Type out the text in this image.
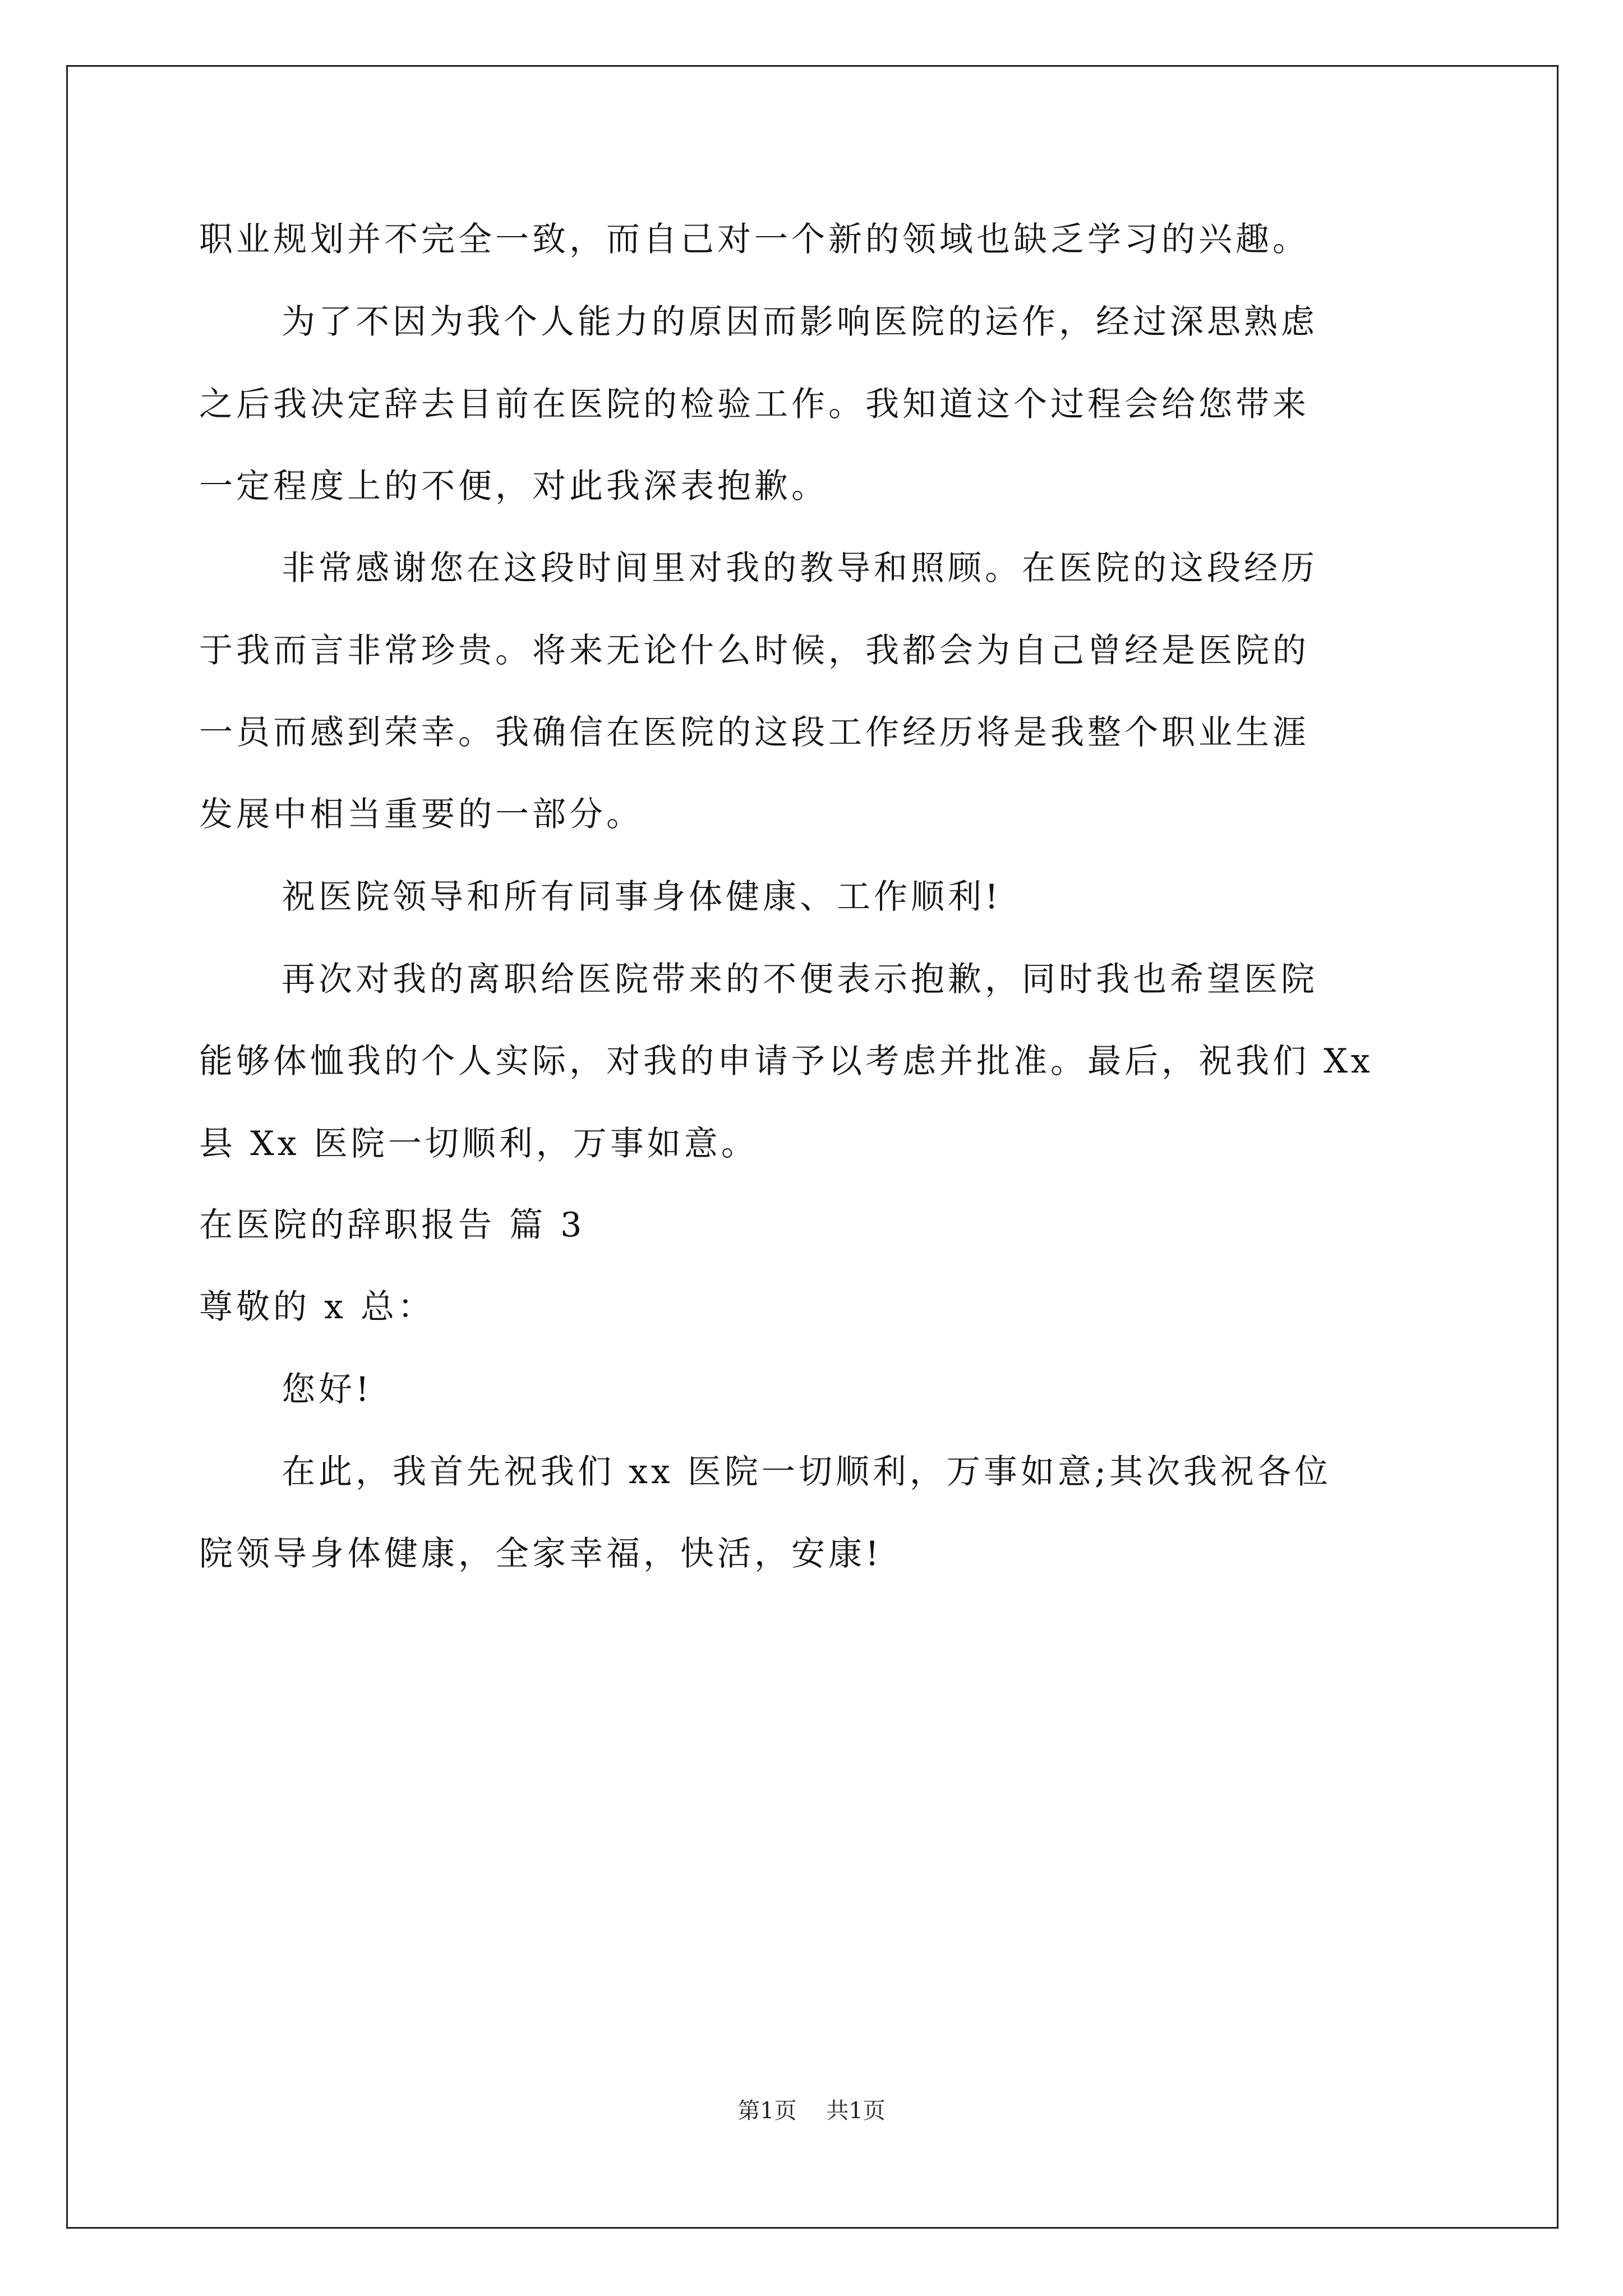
职业规划并不完全一致，而自己对一个新的领域也缺乏学习的兴趣。
为了不因为我个人能力的原因而影响医院的运作，经过深思熟虑
之后我决定辞去目前在医院的检验工作。我知道这个过程会给您带来
一定程度上的不便，对此我深表抱歉。
非常感谢您在这段时间里对我的教导和照顾。在医院的这段经历
于我而言非常珍贵。将来无论什么时候，我都会为自己曾经是医院的
一员而感到荣幸。我确信在医院的这段工作经历将是我整个职业生涯
发展中相当重要的一部分。
祝医院领导和所有同事身体健康、工作顺利!
再次对我的离职给医院带来的不便表示抱歉，同时我也希望医院
能够体恤我的个人实际，对我的申请予以考虑并批准。最后，祝我们 Xx
县 Xx 医院一切顺利，万事如意。
在医院的辞职报告 篇 3
尊敬的 x 总：
您好!
在此，我首先祝我们 xx 医院一切顺利，万事如意;其次我祝各位
院领导身体健康，全家幸福，快活，安康!
第1页 共1页
